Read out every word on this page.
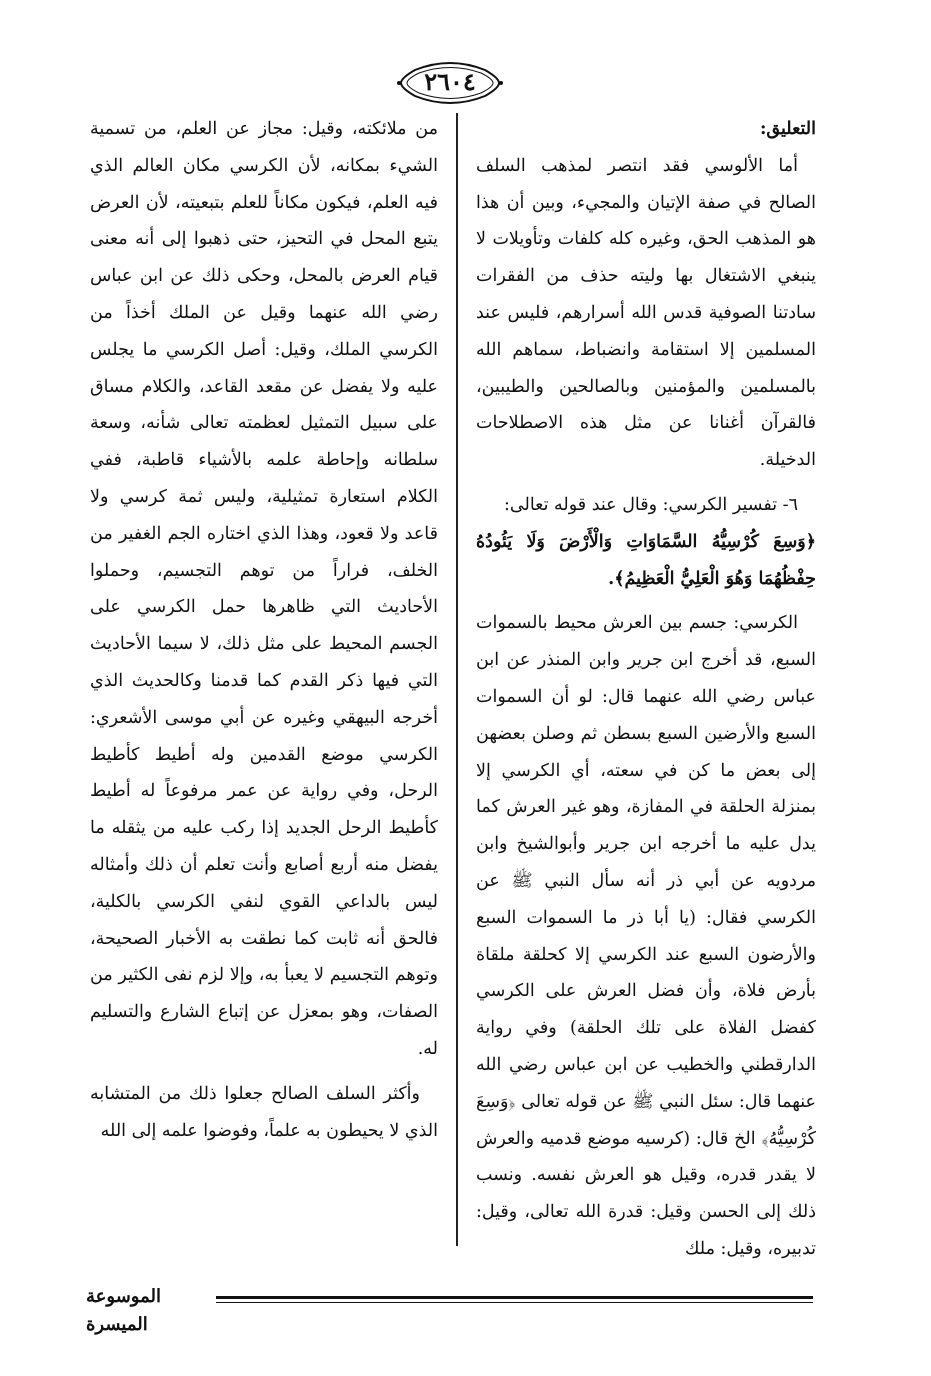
٢٦٠٤

التعليق:

أما الألوسي فقد انتصر لمذهب السلف الصالح في صفة الإتيان والمجيء، وبين أن هذا هو المذهب الحق، وغيره كله كلفات وتأويلات لا ينبغي الاشتغال بها وليته حذف من الفقرات سادتنا الصوفية قدس الله أسرارهم، فليس عند المسلمين إلا استقامة وانضباط، سماهم الله بالمسلمين والمؤمنين وبالصالحين والطيبين، فالقرآن أغنانا عن مثل هذه الاصطلاحات الدخيلة.

٦- تفسير الكرسي: وقال عند قوله تعالى:

﴿وَسِعَ كُرْسِيُّهُ السَّمَاوَاتِ وَالْأَرْضَ وَلَا يَئُودُهُ حِفْظُهُمَا وَهُوَ الْعَلِيُّ الْعَظِيمُ﴾.

الكرسي: جسم بين العرش محيط بالسموات السبع، قد أخرج ابن جرير وابن المنذر عن ابن عباس رضي الله عنهما قال: لو أن السموات السبع والأرضين السبع بسطن ثم وصلن بعضهن إلى بعض ما كن في سعته، أي الكرسي إلا بمنزلة الحلقة في المفازة، وهو غير العرش كما يدل عليه ما أخرجه ابن جرير وأبوالشيخ وابن مردويه عن أبي ذر أنه سأل النبي ﷺ عن الكرسي فقال: (يا أبا ذر ما السموات السبع والأرضون السبع عند الكرسي إلا كحلقة ملقاة بأرض فلاة، وأن فضل العرش على الكرسي كفضل الفلاة على تلك الحلقة) وفي رواية الدارقطني والخطيب عن ابن عباس رضي الله عنهما قال: سئل النبي ﷺ عن قوله تعالى ﴿وَسِعَ كُرْسِيُّهُ﴾ الخ قال: (كرسيه موضع قدميه والعرش لا يقدر قدره، وقيل هو العرش نفسه. ونسب ذلك إلى الحسن وقيل: قدرة الله تعالى، وقيل: تدبيره، وقيل: ملك

من ملائكته، وقيل: مجاز عن العلم، من تسمية الشيء بمكانه، لأن الكرسي مكان العالم الذي فيه العلم، فيكون مكاناً للعلم بتبعيته، لأن العرض يتبع المحل في التحيز، حتى ذهبوا إلى أنه معنى قيام العرض بالمحل، وحكى ذلك عن ابن عباس رضي الله عنهما وقيل عن الملك أخذاً من الكرسي الملك، وقيل: أصل الكرسي ما يجلس عليه ولا يفضل عن مقعد القاعد، والكلام مساق على سبيل التمثيل لعظمته تعالى شأنه، وسعة سلطانه وإحاطة علمه بالأشياء قاطبة، ففي الكلام استعارة تمثيلية، وليس ثمة كرسي ولا قاعد ولا قعود، وهذا الذي اختاره الجم الغفير من الخلف، فراراً من توهم التجسيم، وحملوا الأحاديث التي ظاهرها حمل الكرسي على الجسم المحيط على مثل ذلك، لا سيما الأحاديث التي فيها ذكر القدم كما قدمنا وكالحديث الذي أخرجه البيهقي وغيره عن أبي موسى الأشعري: الكرسي موضع القدمين وله أطيط كأطيط الرحل، وفي رواية عن عمر مرفوعاً له أطيط كأطيط الرحل الجديد إذا ركب عليه من يثقله ما يفضل منه أربع أصابع وأنت تعلم أن ذلك وأمثاله ليس بالداعي القوي لنفي الكرسي بالكلية، فالحق أنه ثابت كما نطقت به الأخبار الصحيحة، وتوهم التجسيم لا يعبأ به، وإلا لزم نفى الكثير من الصفات، وهو بمعزل عن إتباع الشارع والتسليم له.

وأكثر السلف الصالح جعلوا ذلك من المتشابه الذي لا يحيطون به علماً، وفوضوا علمه إلى الله

الموسوعة الميسرة
